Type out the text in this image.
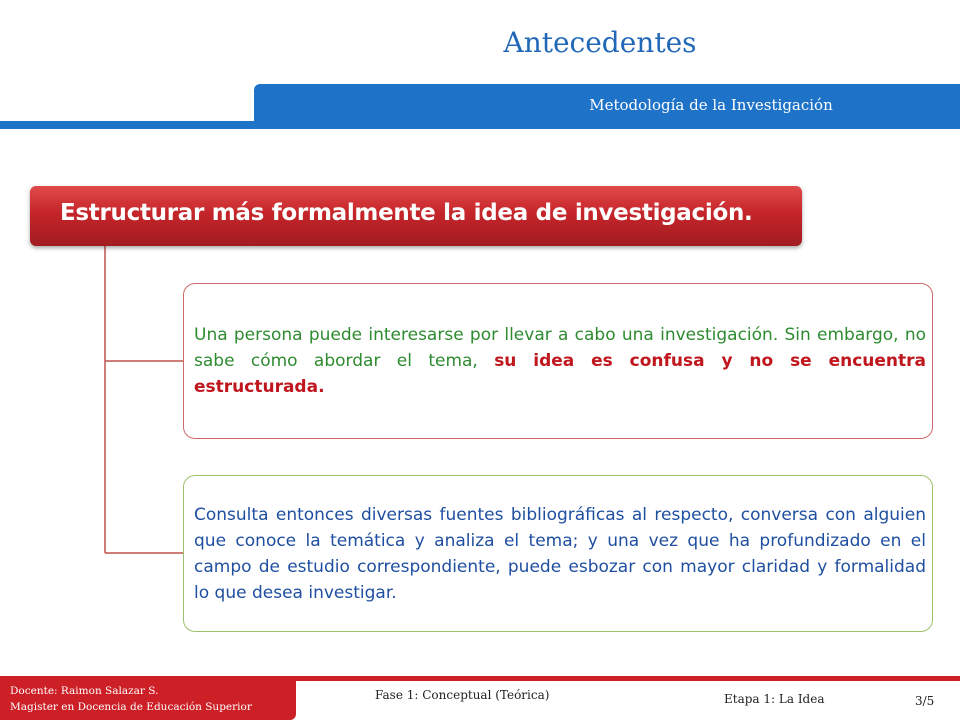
Antecedentes
Metodología de la Investigación
Estructurar más formalmente la idea de investigación.

Una persona puede interesarse por llevar a cabo una investigación. Sin embargo, no sabe cómo abordar el tema, su idea es confusa y no se encuentra estructurada.

Consulta entonces diversas fuentes bibliográficas al respecto, conversa con alguien que conoce la temática y analiza el tema; y una vez que ha profundizado en el campo de estudio correspondiente, puede esbozar con mayor claridad y formalidad lo que desea investigar.

Docente: Raimon Salazar S.
Magister en Docencia de Educación Superior
Fase 1: Conceptual (Teórica)	Etapa 1: La Idea	3/5
